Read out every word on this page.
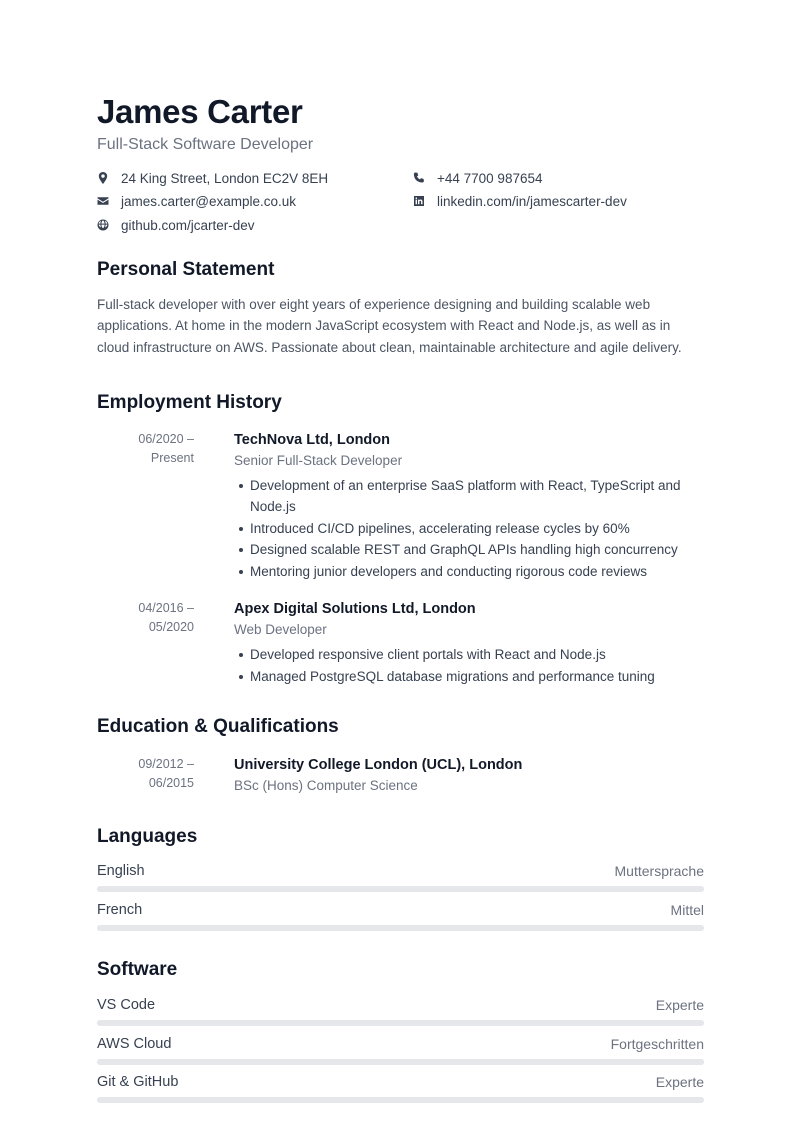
James Carter
Full-Stack Software Developer
24 King Street, London EC2V 8EH	+44 7700 987654
james.carter@example.co.uk	linkedin.com/in/jamescarter-dev
github.com/jcarter-dev
Personal Statement

Full-stack developer with over eight years of experience designing and building scalable web applications. At home in the modern JavaScript ecosystem with React and Node.js, as well as in cloud infrastructure on AWS. Passionate about clean, maintainable architecture and agile delivery.

Employment History
06/2020 –
Present
TechNova Ltd, London
Senior Full-Stack Developer
Development of an enterprise SaaS platform with React, TypeScript and Node.js
Introduced CI/CD pipelines, accelerating release cycles by 60%
Designed scalable REST and GraphQL APIs handling high concurrency
Mentoring junior developers and conducting rigorous code reviews
04/2016 –
05/2020
Apex Digital Solutions Ltd, London
Web Developer
Developed responsive client portals with React and Node.js
Managed PostgreSQL database migrations and performance tuning
Education & Qualifications
09/2012 –
06/2015
University College London (UCL), London
BSc (Hons) Computer Science
Languages
English	Muttersprache
French	Mittel
Software
VS Code	Experte
AWS Cloud	Fortgeschritten
Git & GitHub	Experte
